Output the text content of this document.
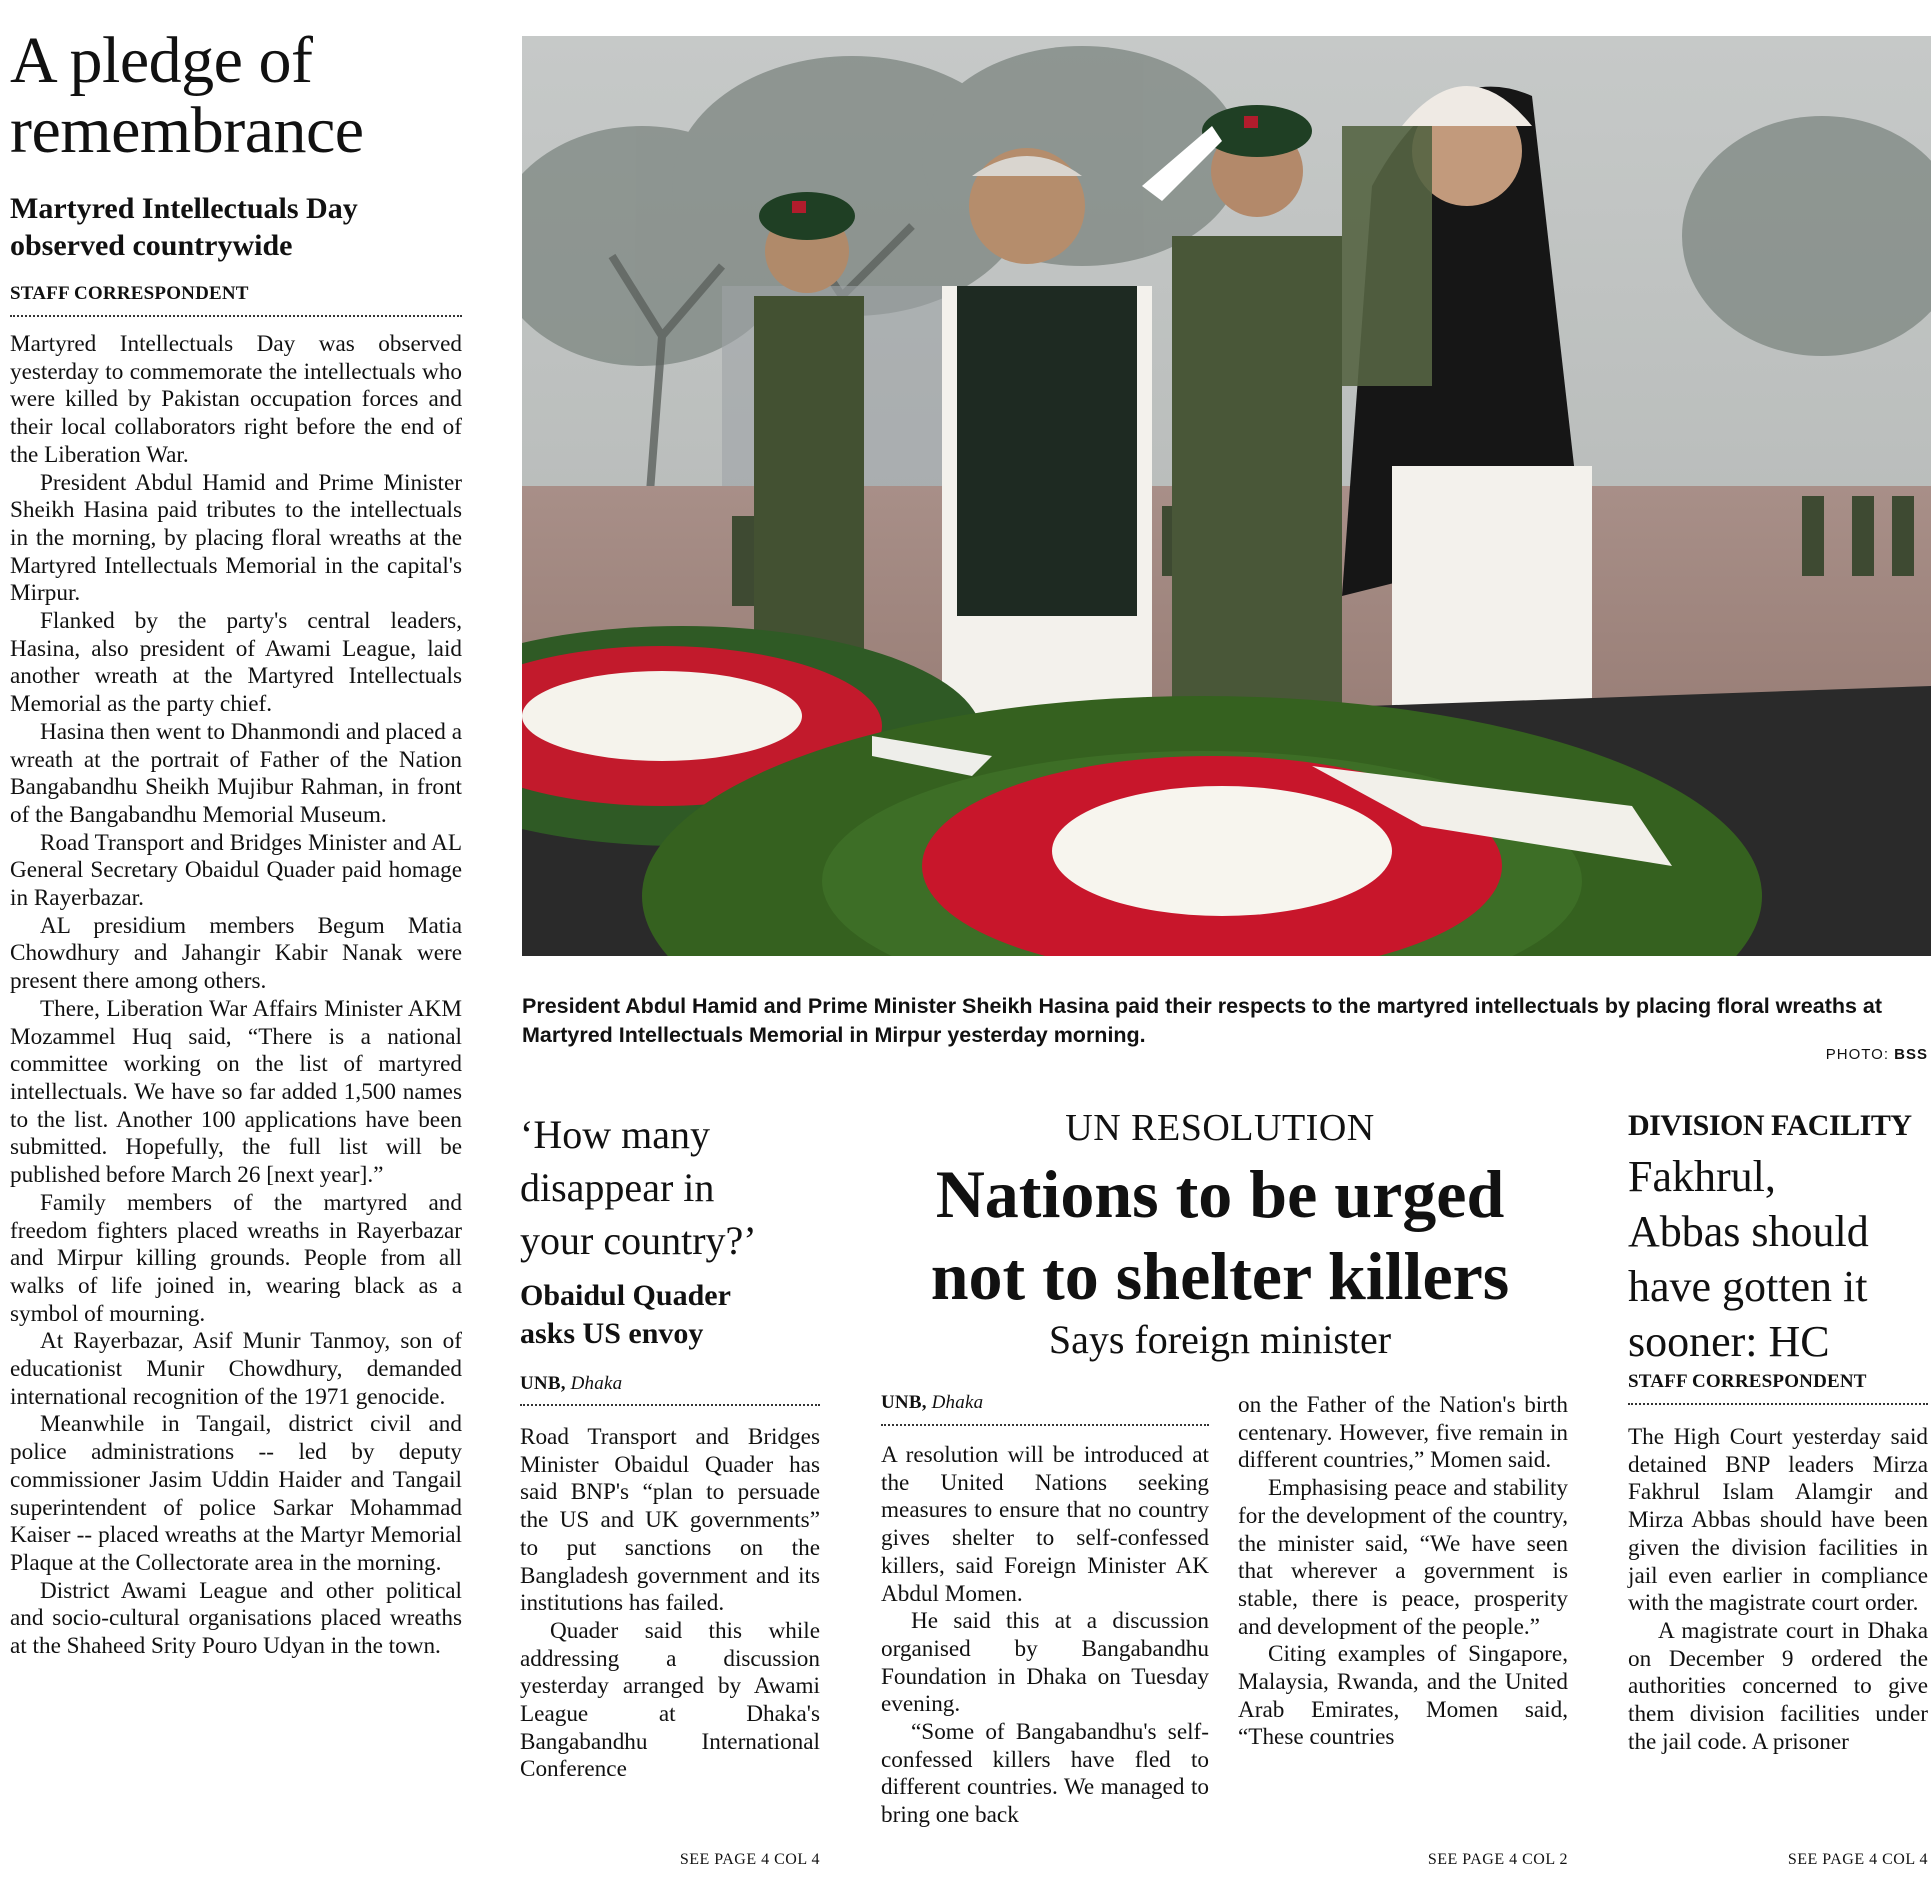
A pledge of
remembrance
Martyred Intellectuals Day
observed countrywide
STAFF CORRESPONDENT

Martyred Intellectuals Day was observed yesterday to commemorate the intellectuals who were killed by Pakistan occupation forces and their local collaborators right before the end of the Liberation War.

President Abdul Hamid and Prime Minister Sheikh Hasina paid tributes to the intellectuals in the morning, by placing floral wreaths at the Martyred Intellectuals Memorial in the capital's Mirpur.

Flanked by the party's central leaders, Hasina, also president of Awami League, laid another wreath at the Martyred Intellectuals Memorial as the party chief.

Hasina then went to Dhanmondi and placed a wreath at the portrait of Father of the Nation Bangabandhu Sheikh Mujibur Rahman, in front of the Bangabandhu Memorial Museum.

Road Transport and Bridges Minister and AL General Secretary Obaidul Quader paid homage in Rayerbazar.

AL presidium members Begum Matia Chowdhury and Jahangir Kabir Nanak were present there among others.

There, Liberation War Affairs Minister AKM Mozammel Huq said, “There is a national committee working on the list of martyred intellectuals. We have so far added 1,500 names to the list. Another 100 applications have been submitted. Hopefully, the full list will be published before March 26 [next year].”

Family members of the martyred and freedom fighters placed wreaths in Rayerbazar and Mirpur killing grounds. People from all walks of life joined in, wearing black as a symbol of mourning.

At Rayerbazar, Asif Munir Tanmoy, son of educationist Munir Chowdhury, demanded international recognition of the 1971 genocide.

Meanwhile in Tangail, district civil and police administrations -- led by deputy commissioner Jasim Uddin Haider and Tangail superintendent of police Sarkar Mohammad Kaiser -- placed wreaths at the Martyr Memorial Plaque at the Collectorate area in the morning.

District Awami League and other political and socio-cultural organisations placed wreaths at the Shaheed Srity Pouro Udyan in the town.

President Abdul Hamid and Prime Minister Sheikh Hasina paid their respects to the martyred intellectuals by placing floral wreaths at Martyred Intellectuals Memorial in Mirpur yesterday morning.
PHOTO: BSS
‘How many
disappear in
your country?’
Obaidul Quader
asks US envoy
UNB, Dhaka

Road Transport and Bridges Minister Obaidul Quader has said BNP's “plan to persuade the US and UK governments” to put sanctions on the Bangladesh government and its institutions has failed.

Quader said this while addressing a discussion yesterday arranged by Awami League at Dhaka's Bangabandhu International Conference

SEE PAGE 4 COL 4
UN RESOLUTION
Nations to be urged
not to shelter killers
Says foreign minister
UNB, Dhaka

A resolution will be introduced at the United Nations seeking measures to ensure that no country gives shelter to self-confessed killers, said Foreign Minister AK Abdul Momen.

He said this at a discussion organised by Bangabandhu Foundation in Dhaka on Tuesday evening.

“Some of Bangabandhu's self-confessed killers have fled to different countries. We managed to bring one back

on the Father of the Nation's birth centenary. However, five remain in different countries,” Momen said.

Emphasising peace and stability for the development of the country, the minister said, “We have seen that wherever a government is stable, there is peace, prosperity and development of the people.”

Citing examples of Singapore, Malaysia, Rwanda, and the United Arab Emirates, Momen said, “These countries

SEE PAGE 4 COL 2
DIVISION FACILITY
Fakhrul,
Abbas should
have gotten it
sooner: HC
STAFF CORRESPONDENT

The High Court yesterday said detained BNP leaders Mirza Fakhrul Islam Alamgir and Mirza Abbas should have been given the division facilities in jail even earlier in compliance with the magistrate court order.

A magistrate court in Dhaka on December 9 ordered the authorities concerned to give them division facilities under the jail code. A prisoner

SEE PAGE 4 COL 4
